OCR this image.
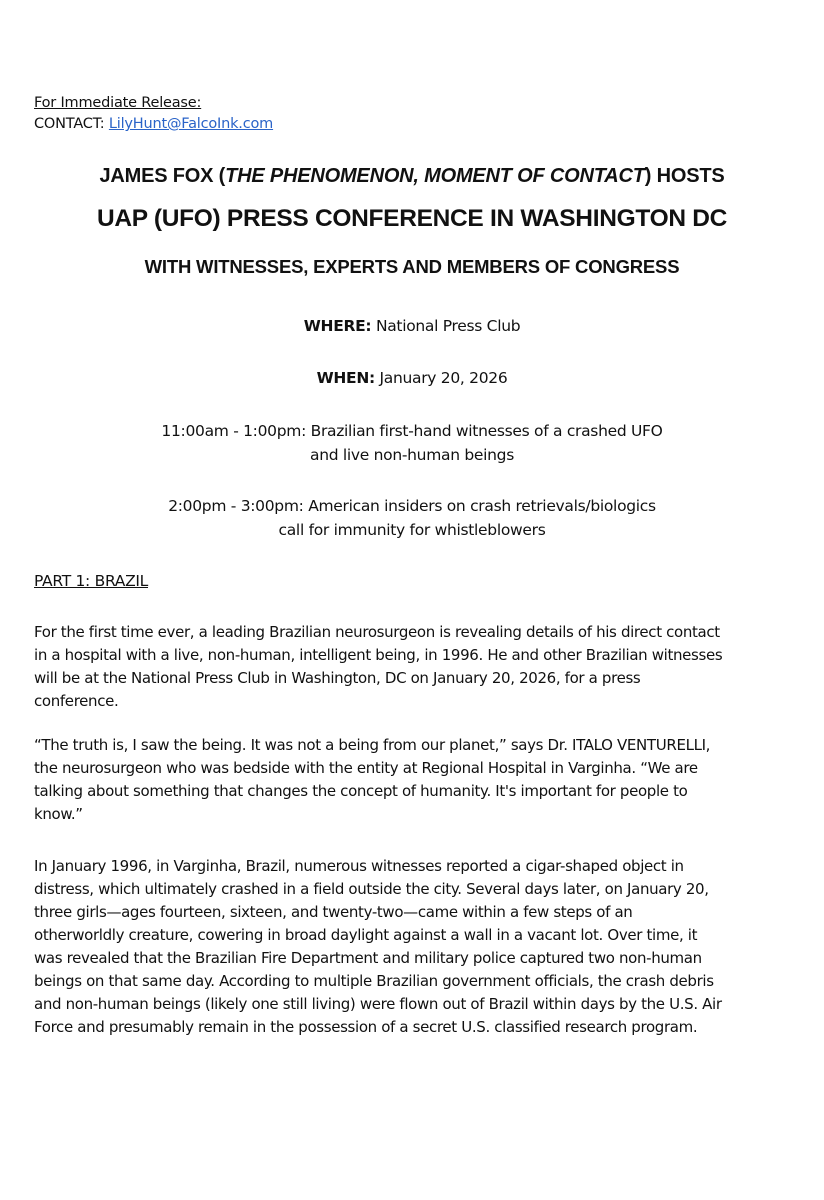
For Immediate Release:
CONTACT: LilyHunt@FalcoInk.com
JAMES FOX (THE PHENOMENON, MOMENT OF CONTACT) HOSTS
UAP (UFO) PRESS CONFERENCE IN WASHINGTON DC
WITH WITNESSES, EXPERTS AND MEMBERS OF CONGRESS
WHERE: National Press Club
WHEN: January 20, 2026
11:00am - 1:00pm: Brazilian first-hand witnesses of a crashed UFO
and live non-human beings
2:00pm - 3:00pm: American insiders on crash retrievals/biologics
call for immunity for whistleblowers
PART 1: BRAZIL
For the first time ever, a leading Brazilian neurosurgeon is revealing details of his direct contact
in a hospital with a live, non-human, intelligent being, in 1996. He and other Brazilian witnesses
will be at the National Press Club in Washington, DC on January 20, 2026, for a press
conference.
“The truth is, I saw the being. It was not a being from our planet,” says Dr. ITALO VENTURELLI,
the neurosurgeon who was bedside with the entity at Regional Hospital in Varginha. “We are
talking about something that changes the concept of humanity. It's important for people to
know.”
In January 1996, in Varginha, Brazil, numerous witnesses reported a cigar-shaped object in
distress, which ultimately crashed in a field outside the city. Several days later, on January 20,
three girls—ages fourteen, sixteen, and twenty-two—came within a few steps of an
otherworldly creature, cowering in broad daylight against a wall in a vacant lot. Over time, it
was revealed that the Brazilian Fire Department and military police captured two non-human
beings on that same day. According to multiple Brazilian government officials, the crash debris
and non-human beings (likely one still living) were flown out of Brazil within days by the U.S. Air
Force and presumably remain in the possession of a secret U.S. classified research program.
